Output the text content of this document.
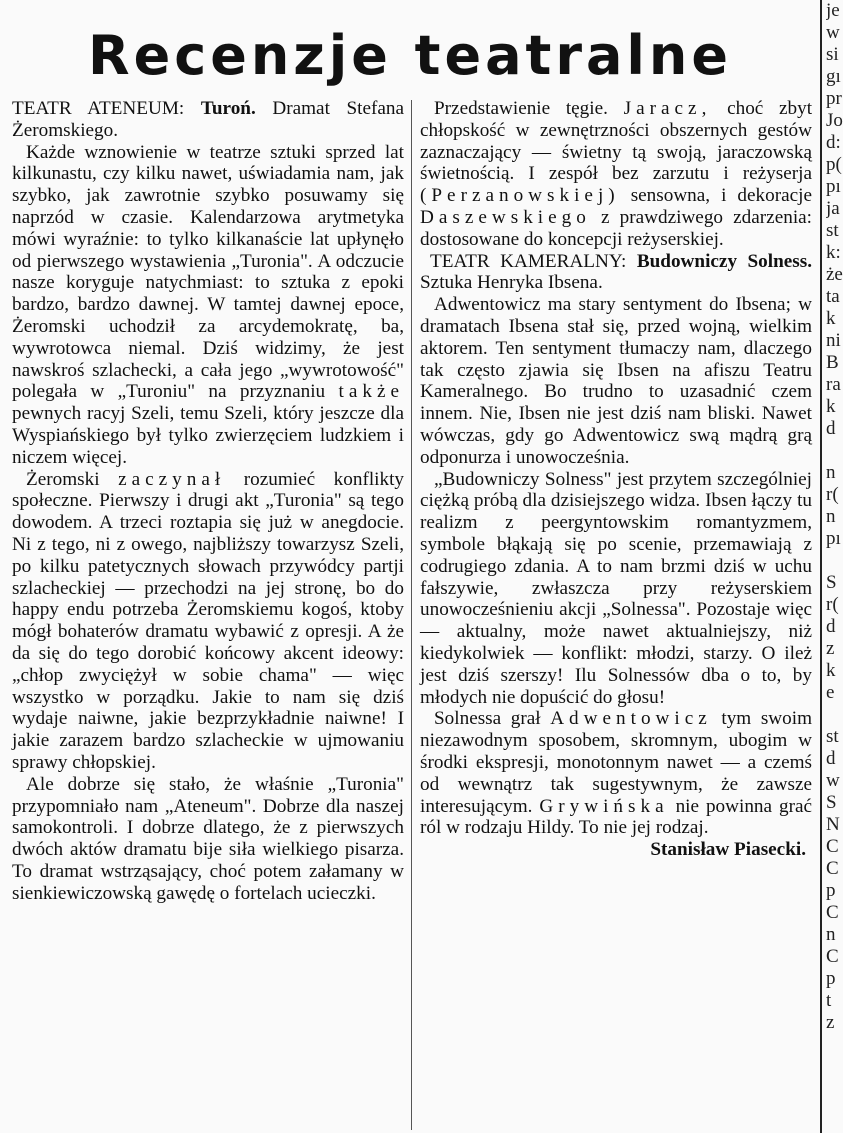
Recenzje teatralne

TEATR ATENEUM: Turoń. Dramat Stefana Żeromskiego.

Każde wznowienie w teatrze sztuki sprzed lat kilkunastu, czy kilku nawet, uświadamia nam, jak szybko, jak zawrotnie szybko posuwamy się naprzód w czasie. Kalendarzowa arytmetyka mówi wyraźnie: to tylko kilkanaście lat upłynęło od pierwszego wystawienia „Turonia". A odczucie nasze koryguje natychmiast: to sztuka z epoki bardzo, bardzo dawnej. W tamtej dawnej epoce, Żeromski uchodził za arcydemokratę, ba, wywrotowca niemal. Dziś widzimy, że jest nawskroś szlachecki, a cała jego „wywrotowość" polegała w „Turoniu" na przyznaniu także pewnych racyj Szeli, temu Szeli, który jeszcze dla Wyspiańskiego był tylko zwierzęciem ludzkiem i niczem więcej.

Żeromski zaczynał rozumieć konflikty społeczne. Pierwszy i drugi akt „Turonia" są tego dowodem. A trzeci roztapia się już w anegdocie. Ni z tego, ni z owego, najbliższy towarzysz Szeli, po kilku patetycznych słowach przywódcy partji szlacheckiej — przechodzi na jej stronę, bo do happy endu potrzeba Żeromskiemu kogoś, ktoby mógł bohaterów dramatu wybawić z opresji. A że da się do tego dorobić końcowy akcent ideowy: „chłop zwyciężył w sobie chama" — więc wszystko w porządku. Jakie to nam się dziś wydaje naiwne, jakie bezprzykładnie naiwne! I jakie zarazem bardzo szlacheckie w ujmowaniu sprawy chłopskiej.

Ale dobrze się stało, że właśnie „Turonia" przypomniało nam „Ateneum". Dobrze dla naszej samokontroli. I dobrze dlatego, że z pierwszych dwóch aktów dramatu bije siła wielkiego pisarza. To dramat wstrząsający, choć potem załamany w sienkiewiczowską gawędę o fortelach ucieczki.

Przedstawienie tęgie. Jaracz, choć zbyt chłopskość w zewnętrzności obszernych gestów zaznaczający — świetny tą swoją, jaraczowską świetnością. I zespół bez zarzutu i reżyserja (Perzanowskiej) sensowna, i dekoracje Daszewskiego z prawdziwego zdarzenia: dostosowane do koncepcji reżyserskiej.

TEATR KAMERALNY: Budowniczy Solness. Sztuka Henryka Ibsena.

Adwentowicz ma stary sentyment do Ibsena; w dramatach Ibsena stał się, przed wojną, wielkim aktorem. Ten sentyment tłumaczy nam, dlaczego tak często zjawia się Ibsen na afiszu Teatru Kameralnego. Bo trudno to uzasadnić czem innem. Nie, Ibsen nie jest dziś nam bliski. Nawet wówczas, gdy go Adwentowicz swą mądrą grą odponurza i unowocześnia.

„Budowniczy Solness" jest przytem szczególniej ciężką próbą dla dzisiejszego widza. Ibsen łączy tu realizm z peergyntowskim romantyzmem, symbole błąkają się po scenie, przemawiają z codrugiego zdania. A to nam brzmi dziś w uchu fałszywie, zwłaszcza przy reżyserskiem unowocześnieniu akcji „Solnessa". Pozostaje więc — aktualny, może nawet aktualniejszy, niż kiedykolwiek — konflikt: młodzi, starzy. O ileż jest dziś szerszy! Ilu Solnessów dba o to, by młodych nie dopuścić do głosu!

Solnessa grał Adwentowicz tym swoim niezawodnym sposobem, skromnym, ubogim w środki ekspresji, monotonnym nawet — a czemś od wewnątrz tak sugestywnym, że zawsze interesującym. Grywińska nie powinna grać ról w rodzaju Hildy. To nie jej rodzaj.

Stanisław Piasecki.

je
w
si
gı
pr
Jo
d:
p(
pı
ja
st
k:
że
ta
k
ni
B
ra
k
d

n
r(
n
pı

S
r(
d
z
k
e

st
d
w
S
N
C
C
p
C
n
C
p
t
z
